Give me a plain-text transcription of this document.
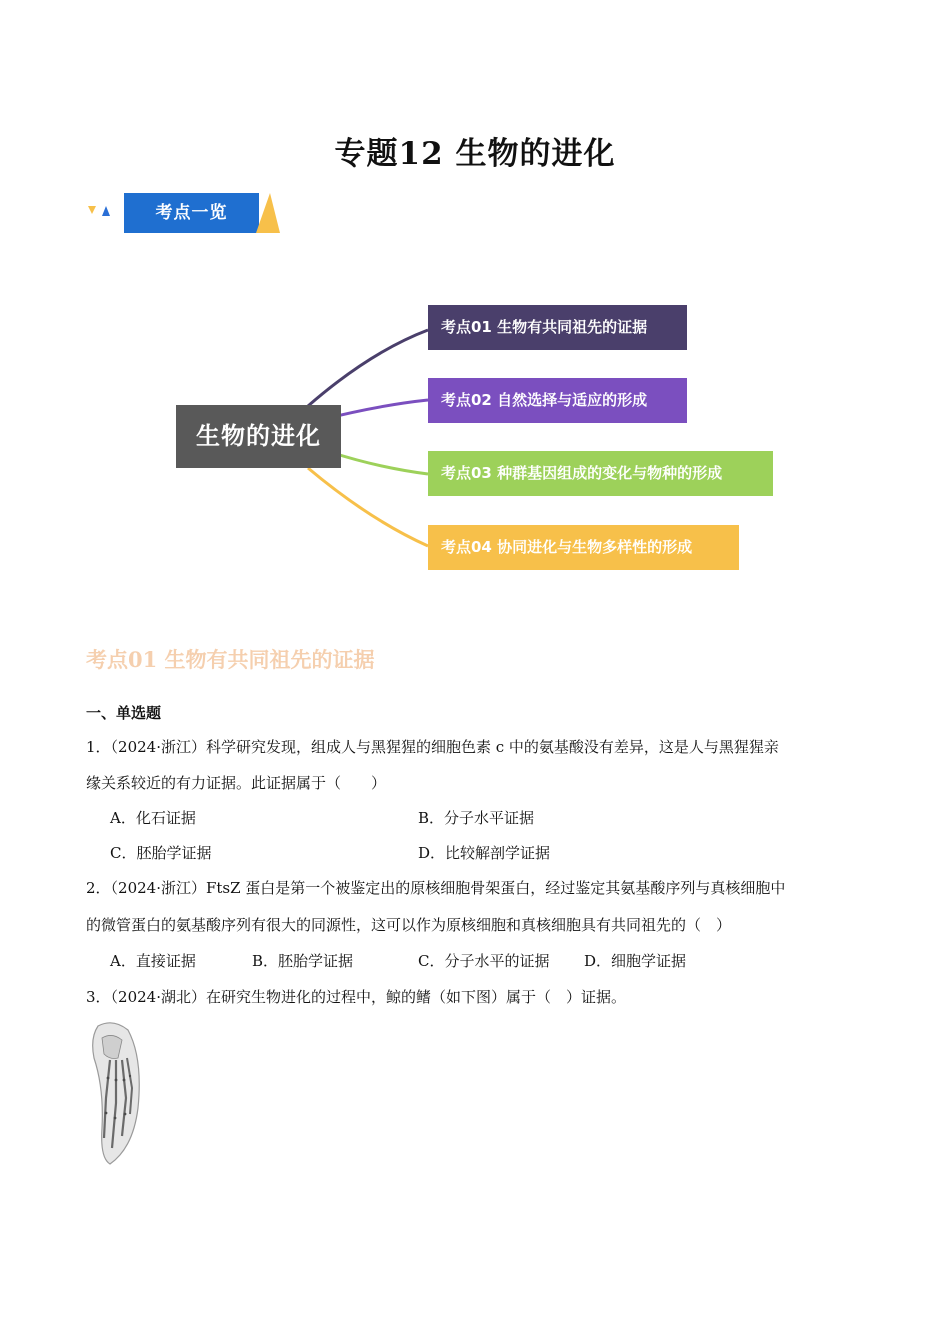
专题12 生物的进化
考点一览
生物的进化
考点01 生物有共同祖先的证据
考点02 自然选择与适应的形成
考点03 种群基因组成的变化与物种的形成
考点04 协同进化与生物多样性的形成
考点01 生物有共同祖先的证据
一、单选题
1．（2024·浙江）科学研究发现，组成人与黑猩猩的细胞色素 c 中的氨基酸没有差异，这是人与黑猩猩亲
缘关系较近的有力证据。此证据属于（　　）
A．化石证据	B．分子水平证据
C．胚胎学证据	D．比较解剖学证据
2．（2024·浙江）FtsZ 蛋白是第一个被鉴定出的原核细胞骨架蛋白，经过鉴定其氨基酸序列与真核细胞中
的微管蛋白的氨基酸序列有很大的同源性，这可以作为原核细胞和真核细胞具有共同祖先的（　）
A．直接证据	B．胚胎学证据	C．分子水平的证据 D．细胞学证据
3．（2024·湖北）在研究生物进化的过程中，鲸的鳍（如下图）属于（　）证据。
